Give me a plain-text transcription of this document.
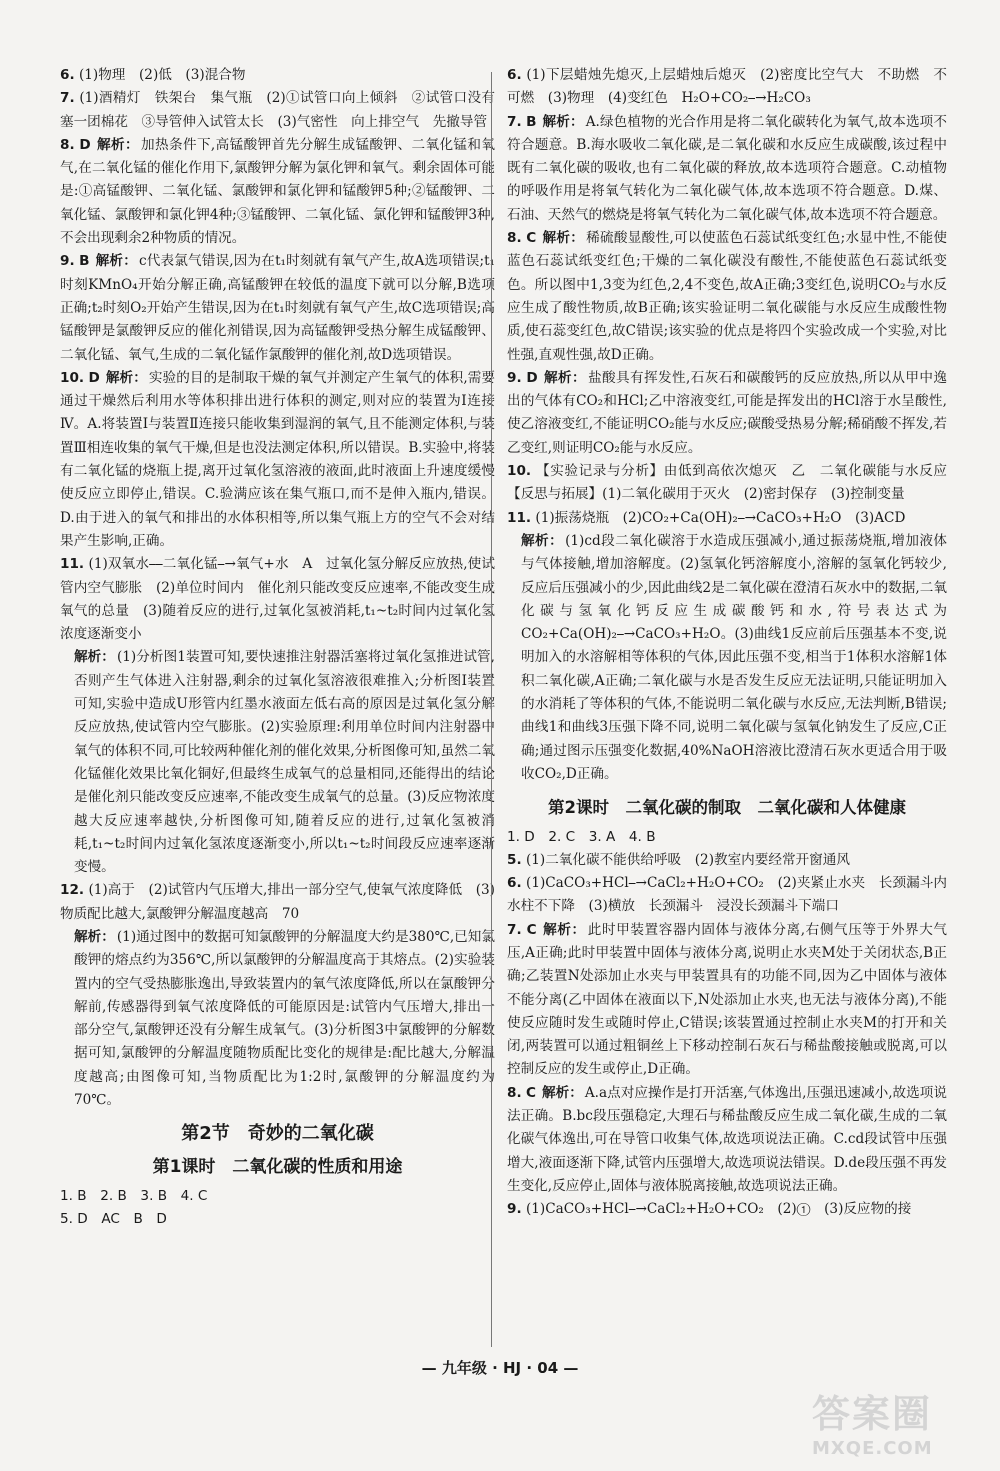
6. (1)物理　(2)低　(3)混合物
7. (1)酒精灯　铁架台　集气瓶　(2)①试管口向上倾斜　②试管口没有塞一团棉花　③导管伸入试管太长　(3)气密性　向上排空气　先撤导管
8. D 解析： 加热条件下,高锰酸钾首先分解生成锰酸钾、二氧化锰和氧气,在二氧化锰的催化作用下,氯酸钾分解为氯化钾和氧气。剩余固体可能是:①高锰酸钾、二氧化锰、氯酸钾和氯化钾和锰酸钾5种;②锰酸钾、二氧化锰、氯酸钾和氯化钾4种;③锰酸钾、二氧化锰、氯化钾和锰酸钾3种,不会出现剩余2种物质的情况。
9. B 解析： c代表氯气错误,因为在t₁时刻就有氧气产生,故A选项错误;t₁时刻KMnO₄开始分解正确,高锰酸钾在较低的温度下就可以分解,B选项正确;t₂时刻O₂开始产生错误,因为在t₁时刻就有氧气产生,故C选项错误;高锰酸钾是氯酸钾反应的催化剂错误,因为高锰酸钾受热分解生成锰酸钾、二氧化锰、氧气,生成的二氧化锰作氯酸钾的催化剂,故D选项错误。
10. D 解析： 实验的目的是制取干燥的氧气并测定产生氧气的体积,需要通过干燥然后利用水等体积排出进行体积的测定,则对应的装置为Ⅰ连接Ⅳ。A.将装置Ⅰ与装置Ⅱ连接只能收集到湿润的氧气,且不能测定体积,与装置Ⅲ相连收集的氧气干燥,但是也没法测定体积,所以错误。B.实验中,将装有二氧化锰的烧瓶上提,离开过氧化氢溶液的液面,此时液面上升速度缓慢使反应立即停止,错误。C.验满应该在集气瓶口,而不是伸入瓶内,错误。D.由于进入的氧气和排出的水体积相等,所以集气瓶上方的空气不会对结果产生影响,正确。
11. (1)双氧水⎯⎯二氧化锰⎯→氧气+水　A　过氧化氢分解反应放热,使试管内空气膨胀　(2)单位时间内　催化剂只能改变反应速率,不能改变生成氧气的总量　(3)随着反应的进行,过氧化氢被消耗,t₁~t₂时间内过氧化氢浓度逐渐变小
解析： (1)分析图1装置可知,要快速推注射器活塞将过氧化氢推进试管,否则产生气体进入注射器,剩余的过氧化氢溶液很难推入;分析图Ⅰ装置可知,实验中造成U形管内红墨水液面左低右高的原因是过氧化氢分解反应放热,使试管内空气膨胀。(2)实验原理:利用单位时间内注射器中氧气的体积不同,可比较两种催化剂的催化效果,分析图像可知,虽然二氧化锰催化效果比氧化铜好,但最终生成氧气的总量相同,还能得出的结论是催化剂只能改变反应速率,不能改变生成氧气的总量。(3)反应物浓度越大反应速率越快,分析图像可知,随着反应的进行,过氧化氢被消耗,t₁~t₂时间内过氧化氢浓度逐渐变小,所以t₁~t₂时间段反应速率逐渐变慢。
12. (1)高于　(2)试管内气压增大,排出一部分空气,使氧气浓度降低　(3)物质配比越大,氯酸钾分解温度越高　70
解析： (1)通过图中的数据可知氯酸钾的分解温度大约是380℃,已知氯酸钾的熔点约为356℃,所以氯酸钾的分解温度高于其熔点。(2)实验装置内的空气受热膨胀逸出,导致装置内的氧气浓度降低,所以在氯酸钾分解前,传感器得到氧气浓度降低的可能原因是:试管内气压增大,排出一部分空气,氯酸钾还没有分解生成氧气。(3)分析图3中氯酸钾的分解数据可知,氯酸钾的分解温度随物质配比变化的规律是:配比越大,分解温度越高;由图像可知,当物质配比为1:2时,氯酸钾的分解温度约为70℃。
第2节　奇妙的二氧化碳
第1课时　二氧化碳的性质和用途
1. B　2. B　3. B　4. C
5. D　AC　B　D
6. (1)下层蜡烛先熄灭,上层蜡烛后熄灭　(2)密度比空气大　不助燃　不可燃　(3)物理　(4)变红色　H₂O+CO₂⎯→H₂CO₃
7. B 解析： A.绿色植物的光合作用是将二氧化碳转化为氧气,故本选项不符合题意。B.海水吸收二氧化碳,是二氧化碳和水反应生成碳酸,该过程中既有二氧化碳的吸收,也有二氧化碳的释放,故本选项符合题意。C.动植物的呼吸作用是将氧气转化为二氧化碳气体,故本选项不符合题意。D.煤、石油、天然气的燃烧是将氧气转化为二氧化碳气体,故本选项不符合题意。
8. C 解析： 稀硫酸显酸性,可以使蓝色石蕊试纸变红色;水显中性,不能使蓝色石蕊试纸变红色;干燥的二氧化碳没有酸性,不能使蓝色石蕊试纸变色。所以图中1,3变为红色,2,4不变色,故A正确;3变红色,说明CO₂与水反应生成了酸性物质,故B正确;该实验证明二氧化碳能与水反应生成酸性物质,使石蕊变红色,故C错误;该实验的优点是将四个实验改成一个实验,对比性强,直观性强,故D正确。
9. D 解析： 盐酸具有挥发性,石灰石和碳酸钙的反应放热,所以从甲中逸出的气体有CO₂和HCl;乙中溶液变红,可能是挥发出的HCl溶于水呈酸性,使乙溶液变红,不能证明CO₂能与水反应;碳酸受热易分解;稀硝酸不挥发,若乙变红,则证明CO₂能与水反应。
10. 【实验记录与分析】由低到高依次熄灭　乙　二氧化碳能与水反应　【反思与拓展】(1)二氧化碳用于灭火　(2)密封保存　(3)控制变量
11. (1)振荡烧瓶　(2)CO₂+Ca(OH)₂⎯→CaCO₃+H₂O　(3)ACD
解析： (1)cd段二氧化碳溶于水造成压强减小,通过振荡烧瓶,增加液体与气体接触,增加溶解度。(2)氢氧化钙溶解度小,溶解的氢氧化钙较少,反应后压强减小的少,因此曲线2是二氧化碳在澄清石灰水中的数据,二氧化碳与氢氧化钙反应生成碳酸钙和水,符号表达式为CO₂+Ca(OH)₂⎯→CaCO₃+H₂O。(3)曲线1反应前后压强基本不变,说明加入的水溶解相等体积的气体,因此压强不变,相当于1体积水溶解1体积二氧化碳,A正确;二氧化碳与水是否发生反应无法证明,只能证明加入的水消耗了等体积的气体,不能说明二氧化碳与水反应,无法判断,B错误;曲线1和曲线3压强下降不同,说明二氧化碳与氢氧化钠发生了反应,C正确;通过图示压强变化数据,40%NaOH溶液比澄清石灰水更适合用于吸收CO₂,D正确。
第2课时　二氧化碳的制取　二氧化碳和人体健康
1. D　2. C　3. A　4. B
5. (1)二氧化碳不能供给呼吸　(2)教室内要经常开窗通风
6. (1)CaCO₃+HCl⎯→CaCl₂+H₂O+CO₂　(2)夹紧止水夹　长颈漏斗内水柱不下降　(3)横放　长颈漏斗　浸没长颈漏斗下端口
7. C 解析： 此时甲装置容器内固体与液体分离,右侧气压等于外界大气压,A正确;此时甲装置中固体与液体分离,说明止水夹M处于关闭状态,B正确;乙装置N处添加止水夹与甲装置具有的功能不同,因为乙中固体与液体不能分离(乙中固体在液面以下,N处添加止水夹,也无法与液体分离),不能使反应随时发生或随时停止,C错误;该装置通过控制止水夹M的打开和关闭,两装置可以通过粗铜丝上下移动控制石灰石与稀盐酸接触或脱离,可以控制反应的发生或停止,D正确。
8. C 解析： A.a点对应操作是打开活塞,气体逸出,压强迅速减小,故选项说法正确。B.bc段压强稳定,大理石与稀盐酸反应生成二氧化碳,生成的二氧化碳气体逸出,可在导管口收集气体,故选项说法正确。C.cd段试管中压强增大,液面逐渐下降,试管内压强增大,故选项说法错误。D.de段压强不再发生变化,反应停止,固体与液体脱离接触,故选项说法正确。
9. (1)CaCO₃+HCl⎯→CaCl₂+H₂O+CO₂　(2)①　(3)反应物的接
— 九年级 · HJ · 04 —
答案圈
MXQE.COM
